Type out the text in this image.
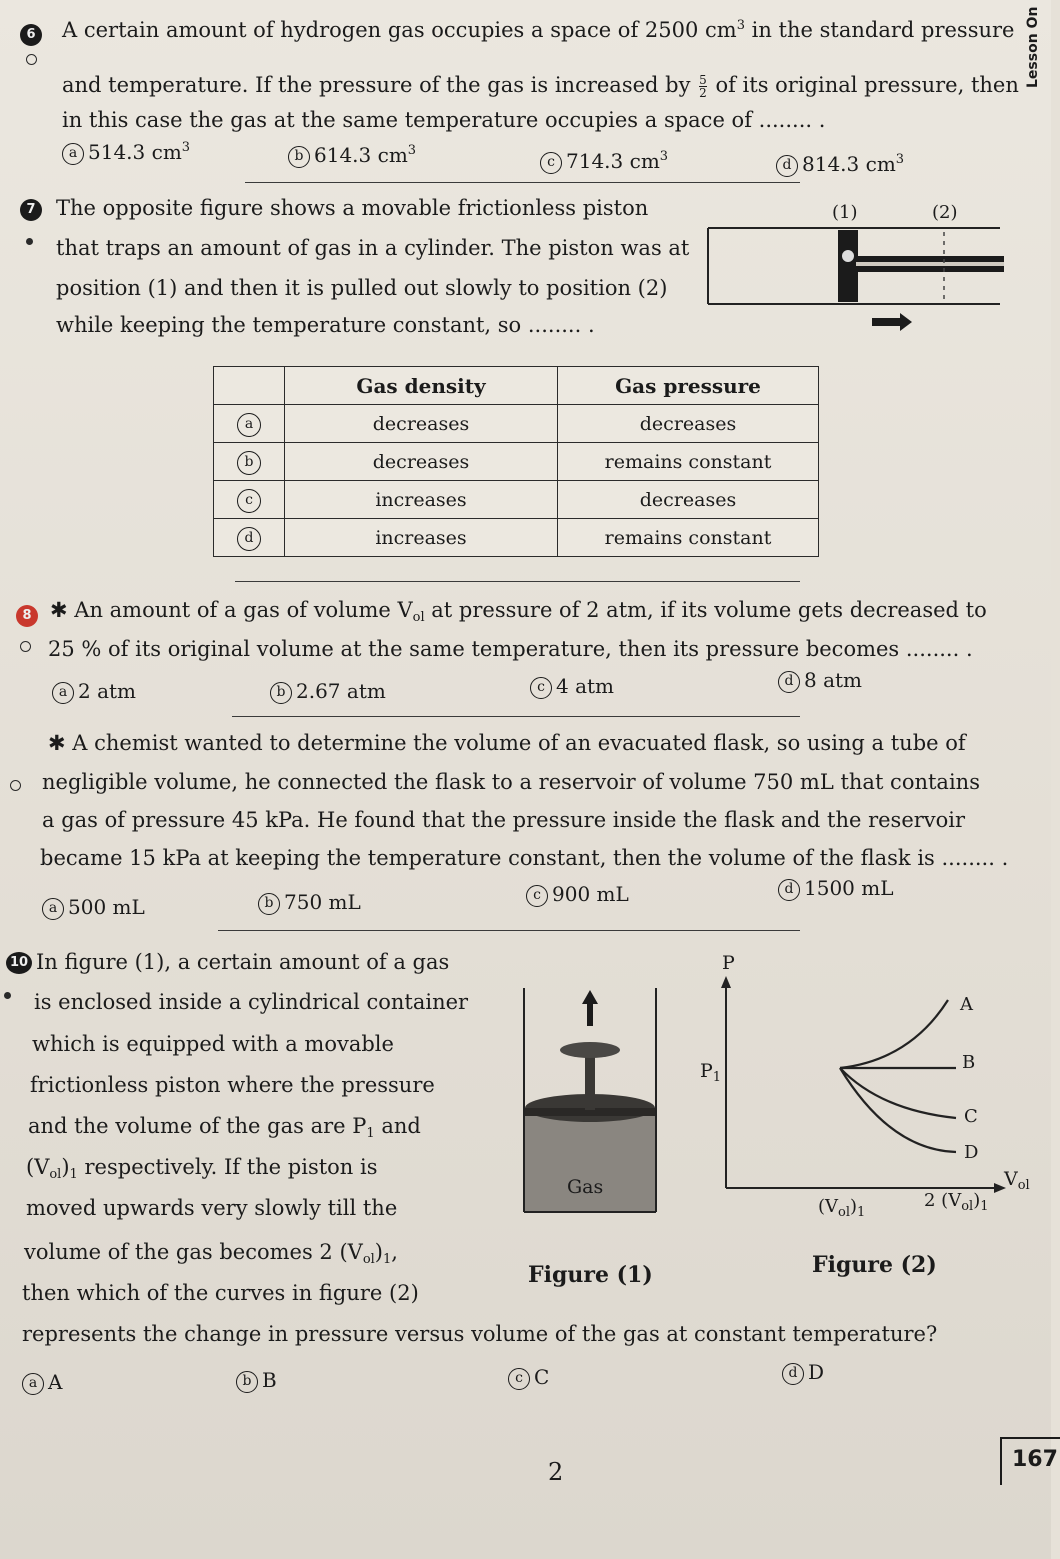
Lesson On
6	A certain amount of hydrogen gas occupies a space of 2500 $cm^3$ in the standard pressure
and temperature. If the pressure of the gas is increased by $\frac{5}{2}$ of its original pressure, then
in this case the gas at the same temperature occupies a space of ........ .
a 514.3 $cm^3$	b 614.3 $cm^3$
c 714.3 $cm^3$	d 814.3 $cm^3$
7 The opposite figure shows a movable frictionless piston
that traps an amount of gas in a cylinder. The piston was at
position (1) and then it is pulled out slowly to position (2)
while keeping the temperature constant, so ........ .
(1)	(2)
	Gas density	Gas pressure
a	decreases	decreases
b	decreases	remains constant
c	increases	decreases
d	increases	remains constant
8 ✱ An amount of a gas of volume $V_{ol}$ at pressure of 2 atm, if its volume gets decreased to
25 % of its original volume at the same temperature, then its pressure becomes ........ .
a 2 atm	b 2.67 atm	c 4 atm	d 8 atm
✱ A chemist wanted to determine the volume of an evacuated flask, so using a tube of
negligible volume, he connected the flask to a reservoir of volume 750 mL that contains
a gas of pressure 45 kPa. He found that the pressure inside the flask and the reservoir
became 15 kPa at keeping the temperature constant, then the volume of the flask is ........ .
a 500 mL	b 750 mL	c 900 mL	d 1500 mL
10 In figure (1), a certain amount of a gas
is enclosed inside a cylindrical container
which is equipped with a movable
frictionless piston where the pressure
and the volume of the gas are $P_1$ and
$(V_{ol})_1$ respectively. If the piston is
moved upwards very slowly till the
volume of the gas becomes 2 $(V_{ol})_1$,
then which of the curves in figure (2)
represents the change in pressure versus volume of the gas at constant temperature?
Gas
Figure (1)
P
$V_{ol}$
$P_1$
$(V_{ol})_1$
2 $(V_{ol})_1$
A
B
C
D
Figure (2)
a A	b B	c C	d D
2	167
